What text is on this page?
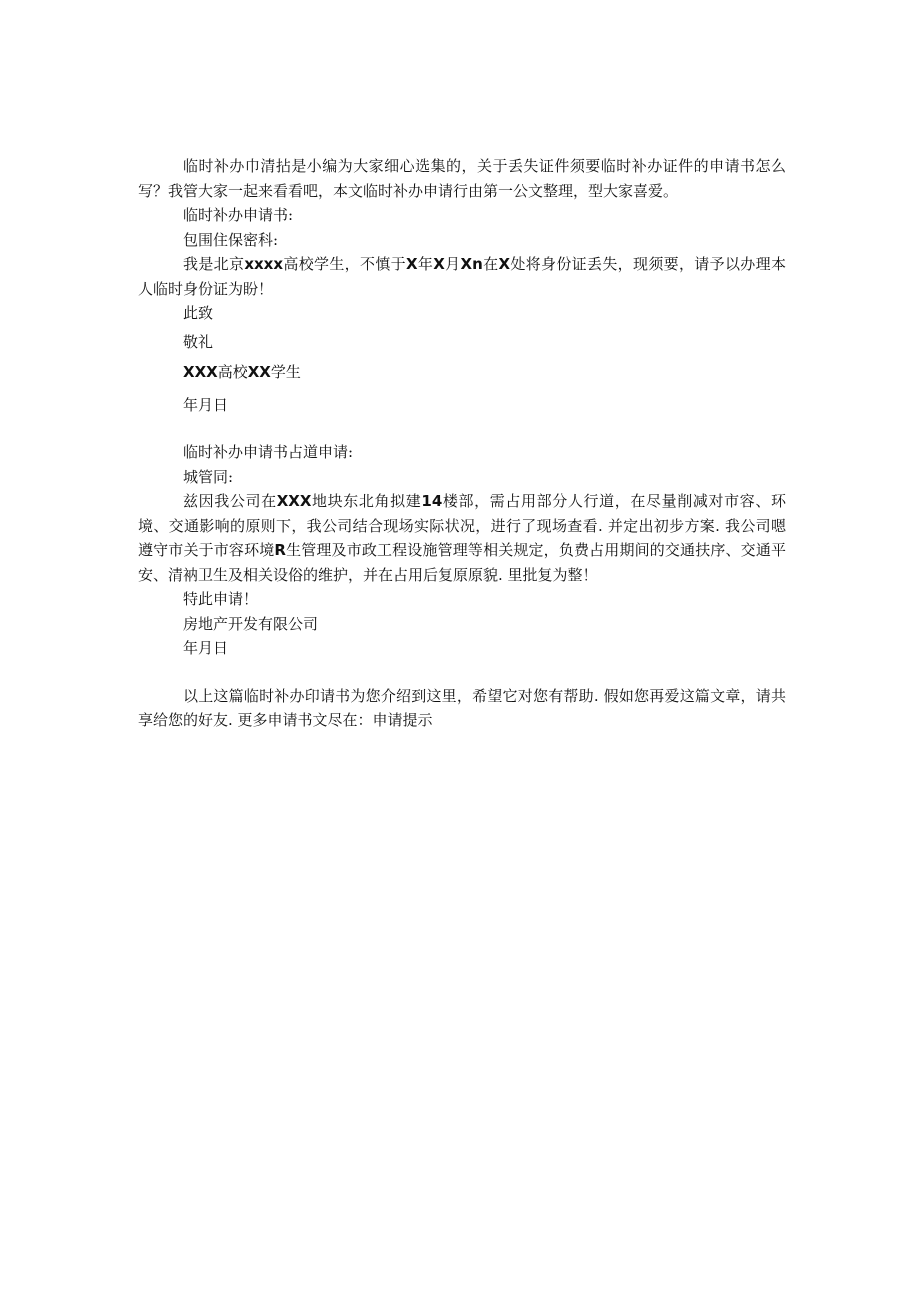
临时补办巾清拈是小编为大家细心选集的，关于丢失证件须要临时补办证件的申请书怎么写？我管大家一起来看看吧，本文临时补办申请行由第一公文整理，型大家喜爱。

临时补办申请书:

包围住保密科:

我是北京xxxx高校学生，不慎于X年X月Xn在X处将身份证丢失，现须要，请予以办理本人临时身份证为盼！

此致

敬礼

XXX高校XX学生

年月日

临时补办申请书占道申请:

城管同:

兹因我公司在XXX地块东北角拟建14楼部，需占用部分人行道，在尽量削减对市容、环境、交通影响的原则下，我公司结合现场实际状况，进行了现场查看. 并定出初步方案. 我公司嗯遵守市关于市容环境R生管理及市政工程设施管理等相关规定，负费占用期间的交通扶序、交通平安、清衲卫生及相关设俗的维护，并在占用后复原原貌. 里批复为整！

特此申请！

房地产开发有限公司

年月日

以上这篇临时补办印请书为您介绍到这里，希望它对您有帮助. 假如您再爱这篇文章，请共享给您的好友. 更多申请书文尽在：申请提示
